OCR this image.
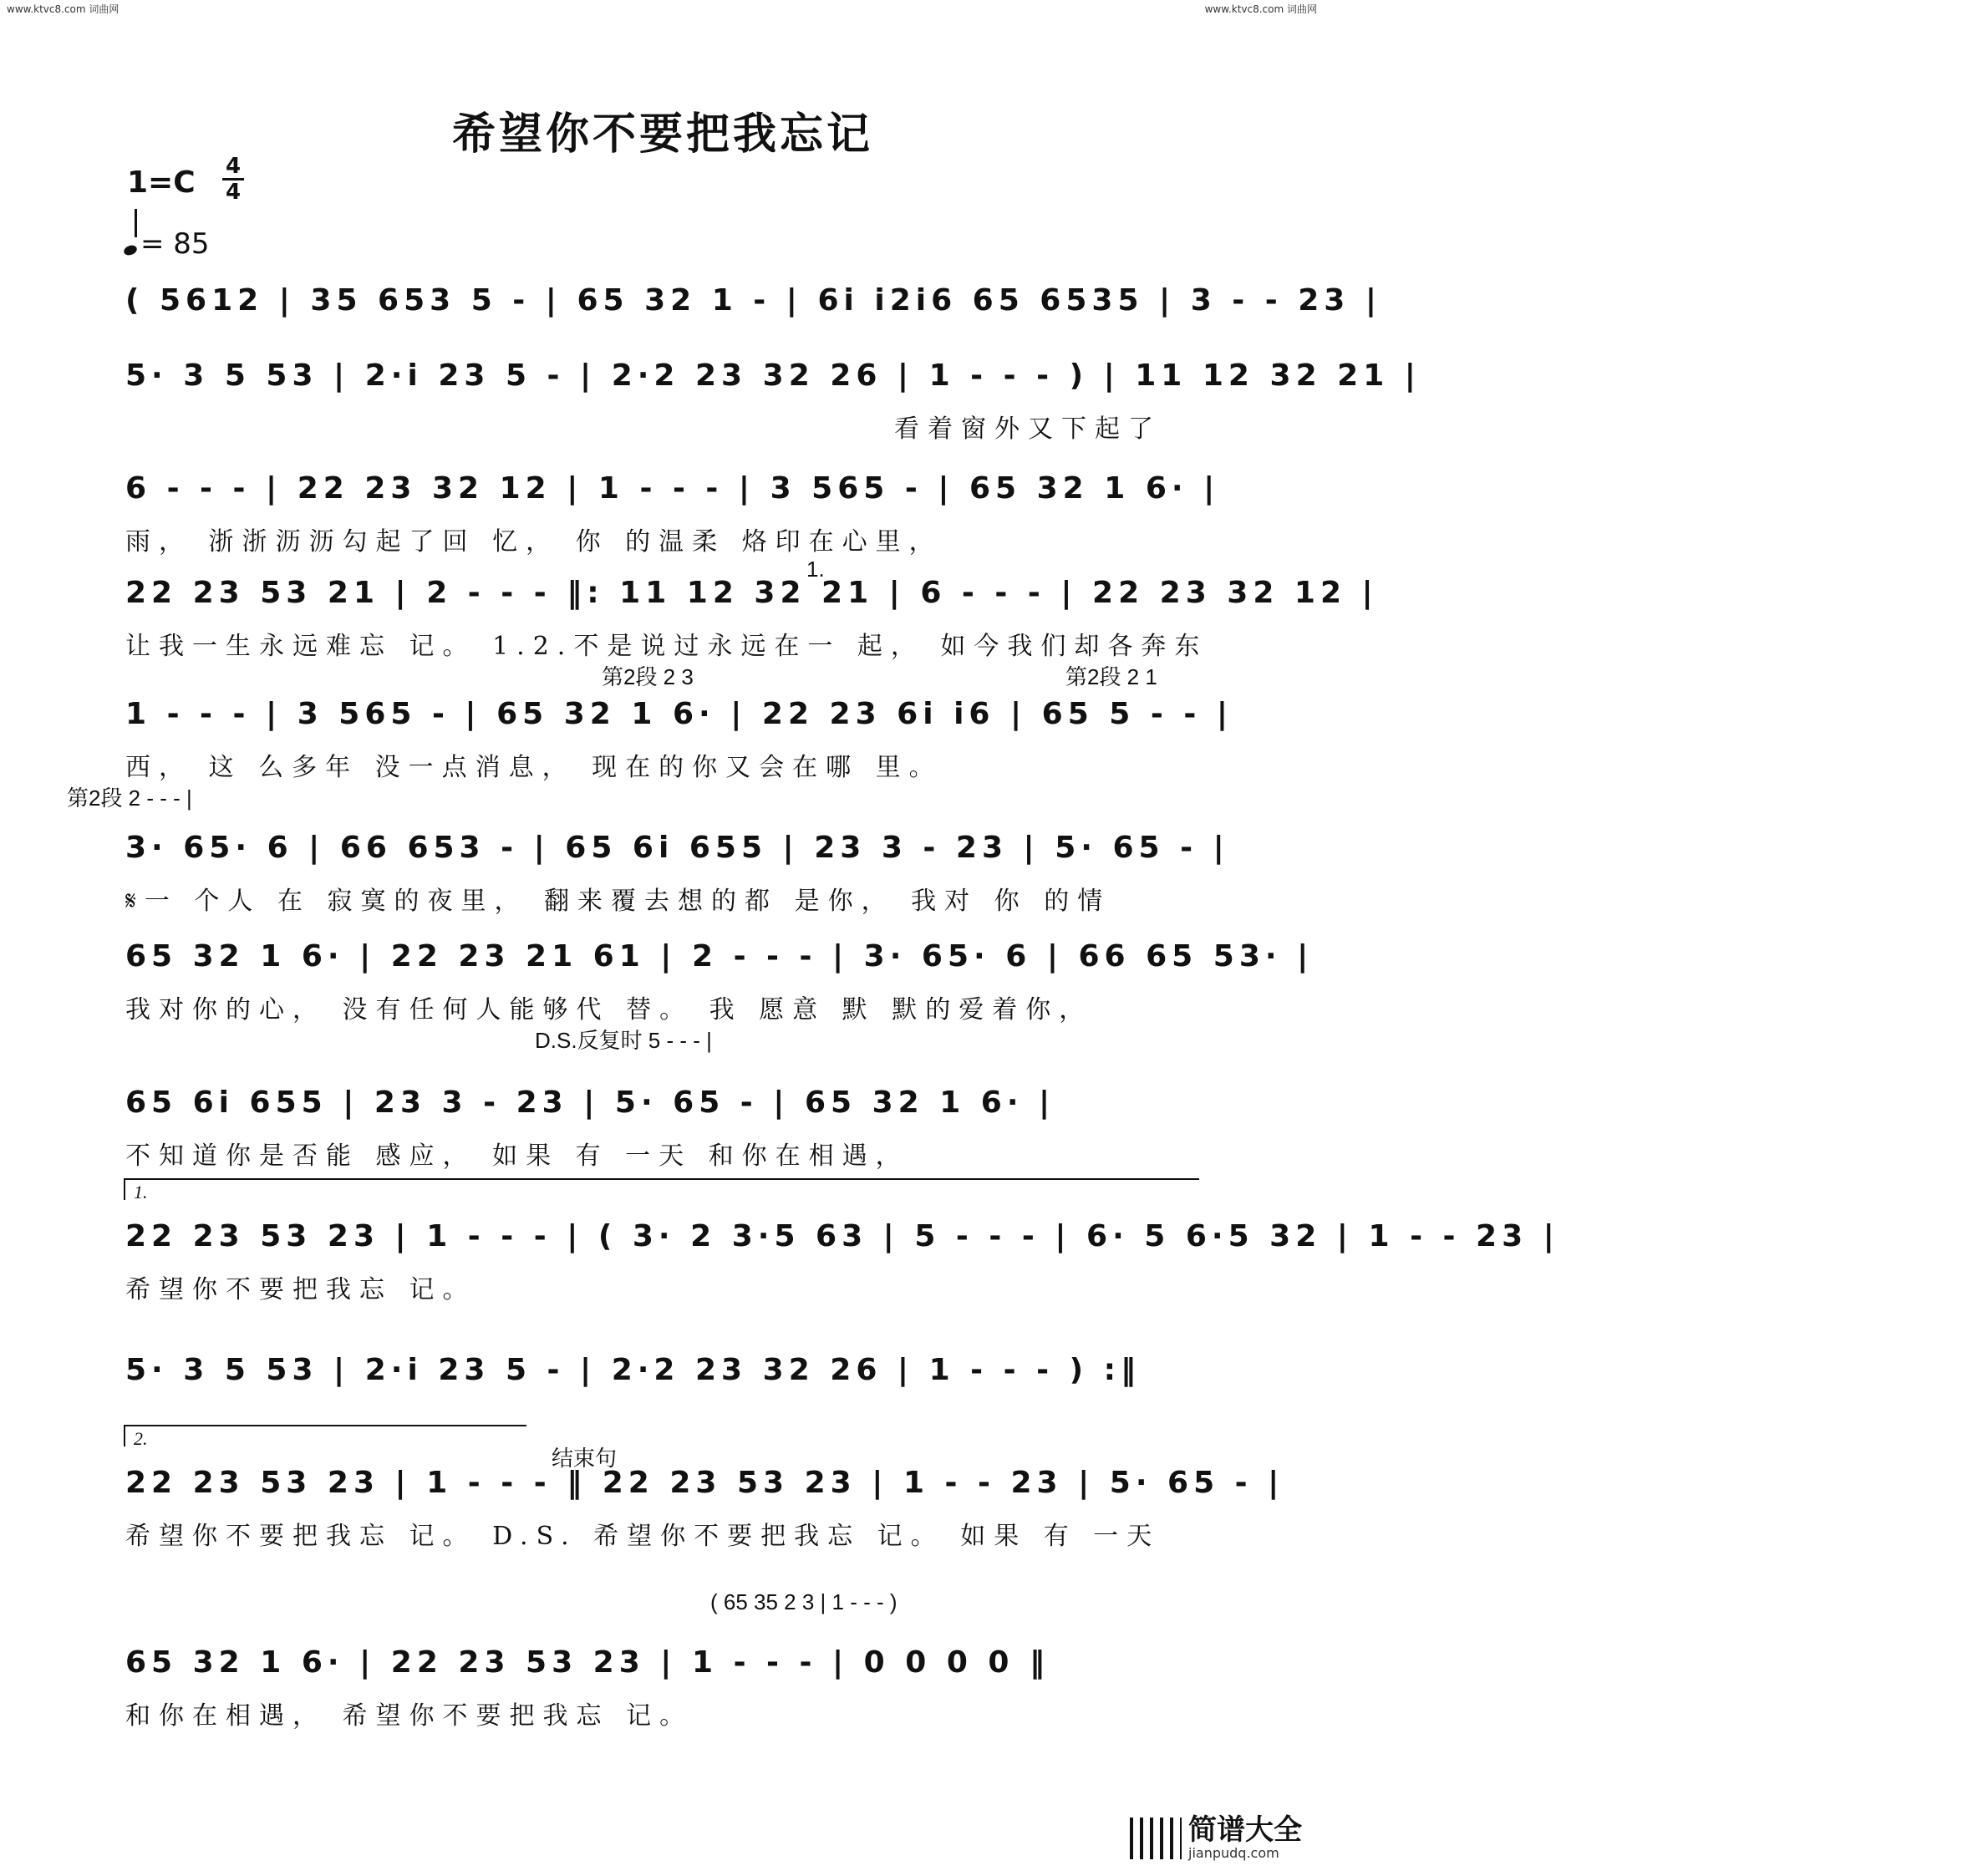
www.ktvc8.com 词曲网	www.ktvc8.com 词曲网
希望你不要把我忘记
1=C 4
4
= 85
( 5612 | 35 653 5 - | 65 32 1 - | 6i i2i6 65 6535 | 3 - - 23 |
5· 3 5 53 | 2·i 23 5 - | 2·2 23 32 26 | 1 - - - ) | 11 12 32 21 |
看着窗外又下起了
6 - - - | 22 23 32 12 | 1 - - - | 3 565 - | 65 32 1 6· |
雨， 浙浙沥沥勾起了回 忆， 你 的温柔 烙印在心里，
22 23 53 21 | 2 - - - ‖: 11 12 32 21 | 6 - - - | 22 23 32 12 |
让我一生永远难忘 记。 1.2.不是说过永远在一 起， 如今我们却各奔东
第2段 2 3	第2段 2 1
1.
1 - - - | 3 565 - | 65 32 1 6· | 22 23 6i i6 | 65 5 - - |
西， 这 么多年 没一点消息， 现在的你又会在哪 里。
第2段 2 - - - |
3· 65· 6 | 66 653 - | 65 6i 655 | 23 3 - 23 | 5· 65 - |
𝄋一 个人 在 寂寞的夜里， 翻来覆去想的都 是你， 我对 你 的情
65 32 1 6· | 22 23 21 61 | 2 - - - | 3· 65· 6 | 66 65 53· |
我对你的心， 没有任何人能够代 替。 我 愿意 默 默的爱着你，
D.S.反复时 5 - - - |
65 6i 655 | 23 3 - 23 | 5· 65 - | 65 32 1 6· |
不知道你是否能 感应， 如果 有 一天 和你在相遇，
1.
22 23 53 23 | 1 - - - | ( 3· 2 3·5 63 | 5 - - - | 6· 5 6·5 32 | 1 - - 23 |
希望你不要把我忘 记。
5· 3 5 53 | 2·i 23 5 - | 2·2 23 32 26 | 1 - - - ) :‖
2.
22 23 53 23 | 1 - - - ‖ 22 23 53 23 | 1 - - 23 | 5· 65 - |
希望你不要把我忘 记。 D.S. 希望你不要把我忘 记。 如果 有 一天
结束句
65 32 1 6· | 22 23 53 23 | 1 - - - | 0 0 0 0 ‖
和你在相遇， 希望你不要把我忘 记。
( 65 35 2 3 | 1 - - - )
简谱大全
jianpudq.com
